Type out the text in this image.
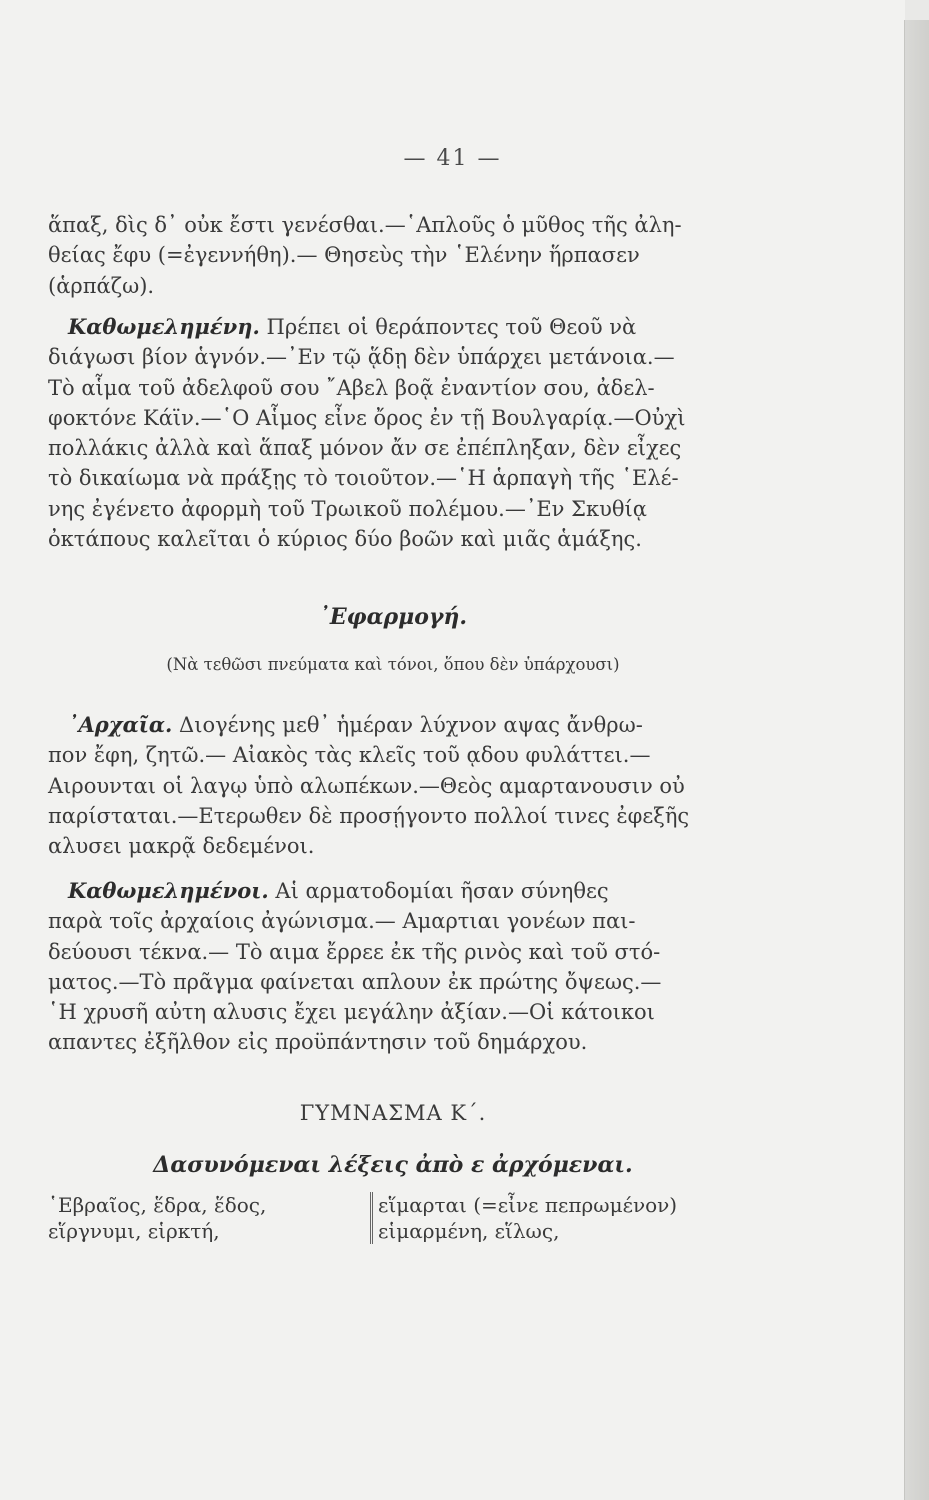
— 41 —
ἅπαξ, δὶς δ᾿ οὐκ ἔστι γενέσθαι.—῾Απλοῦς ὁ μῦθος τῆς ἀλη-
θείας ἔφυ (=ἐγεννήθη).— Θησεὺς τὴν ῾Ελένην ἥρπασεν
(ἁρπάζω).
Καθωμελημένη. Πρέπει οἱ θεράποντες τοῦ Θεοῦ νὰ
διάγωσι βίον ἁγνόν.—᾿Εν τῷ ᾅδῃ δὲν ὑπάρχει μετάνοια.—
Τὸ αἷμα τοῦ ἀδελφοῦ σου ῎Αβελ βοᾷ ἐναντίον σου, ἀδελ-
φοκτόνε Κάϊν.—῾Ο Αἷμος εἶνε ὄρος ἐν τῇ Βουλγαρίᾳ.—Οὐχὶ
πολλάκις ἀλλὰ καὶ ἅπαξ μόνον ἄν σε ἐπέπληξαν, δὲν εἶχες
τὸ δικαίωμα νὰ πράξῃς τὸ τοιοῦτον.—῾Η ἁρπαγὴ τῆς ῾Ελέ-
νης ἐγένετο ἀφορμὴ τοῦ Τρωικοῦ πολέμου.—᾿Εν Σκυθίᾳ
ὀκτάπους καλεῖται ὁ κύριος δύο βοῶν καὶ μιᾶς ἁμάξης.
᾿Εφαρμογή.
(Νὰ τεθῶσι πνεύματα καὶ τόνοι, ὅπου δὲν ὑπάρχουσι)
᾿Αρχαῖα. Διογένης μεθ᾿ ἡμέραν λύχνον αψας ἄνθρω-
πον ἔφη, ζητῶ.— Αἰακὸς τὰς κλεῖς τοῦ ᾳδου φυλάττει.—
Αιρουνται οἱ λαγῳ ὑπὸ αλωπέκων.—Θεὸς αμαρτανουσιν οὐ
παρίσταται.—Ετερωθεν δὲ προσῄγοντο πολλοί τινες ἐφεξῆς
αλυσει μακρᾷ δεδεμένοι.
Καθωμελημένοι. Αἱ αρματοδομίαι ῆσαν σύνηθες
παρὰ τοῖς ἀρχαίοις ἀγώνισμα.— Αμαρτιαι γονέων παι-
δεύουσι τέκνα.— Τὸ αιμα ἔρρεε ἐκ τῆς ρινὸς καὶ τοῦ στό-
ματος.—Τὸ πρᾶγμα φαίνεται απλουν ἐκ πρώτης ὄψεως.—
῾Η χρυσῆ αὐτη αλυσις ἔχει μεγάλην ἀξίαν.—Οἱ κάτοικοι
απαντες ἐξῆλθον εἰς προϋπάντησιν τοῦ δημάρχου.
ΓΥΜΝΑΣΜΑ Κ΄.
Δασυνόμεναι λέξεις ἀπὸ ε ἀρχόμεναι.
῾Εβραῖος, ἕδρα, ἕδος,
εἵργνυμι, εἱρκτή,
εἵμαρται (=εἶνε πεπρωμένον)
εἱμαρμένη, εἵλως,
